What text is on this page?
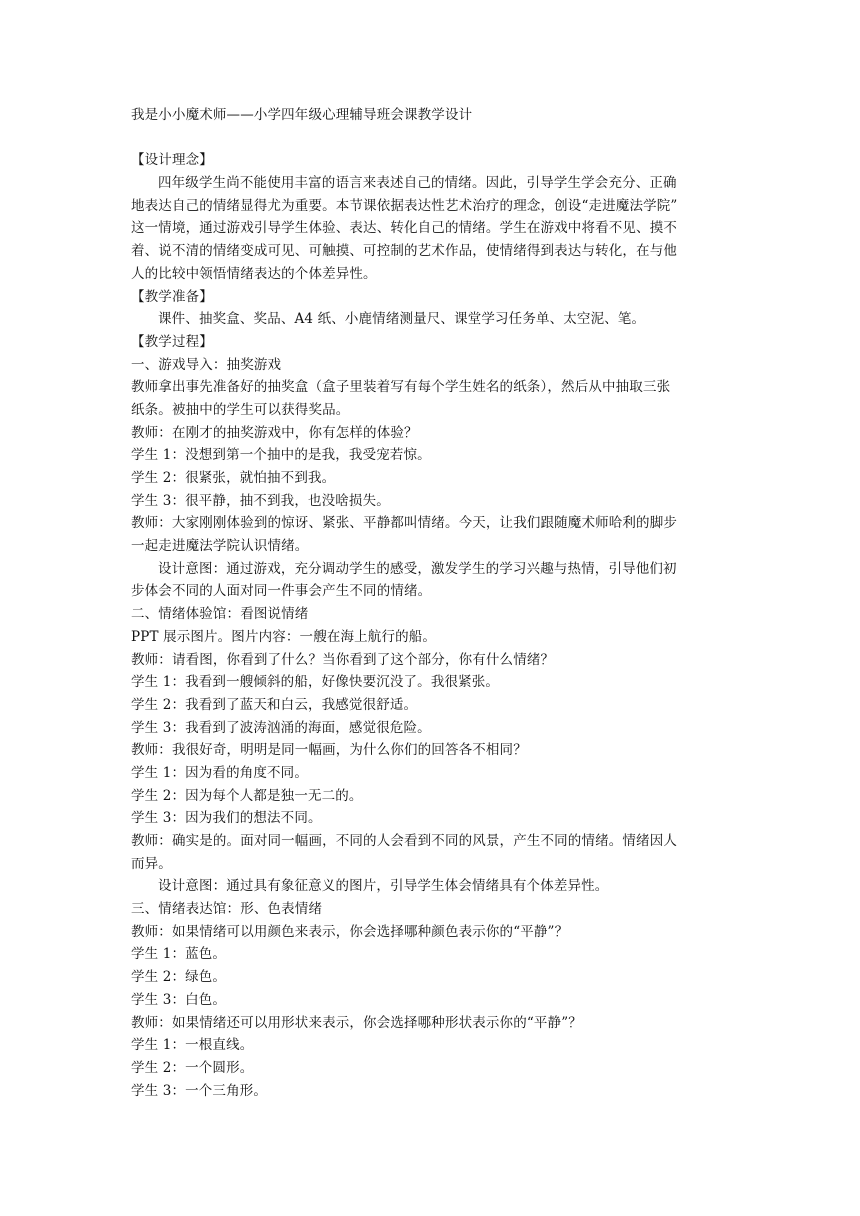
我是小小魔术师——小学四年级心理辅导班会课教学设计
【设计理念】
四年级学生尚不能使用丰富的语言来表述自己的情绪。因此，引导学生学会充分、正确
地表达自己的情绪显得尤为重要。本节课依据表达性艺术治疗的理念，创设“走进魔法学院”
这一情境，通过游戏引导学生体验、表达、转化自己的情绪。学生在游戏中将看不见、摸不
着、说不清的情绪变成可见、可触摸、可控制的艺术作品，使情绪得到表达与转化，在与他
人的比较中领悟情绪表达的个体差异性。
【教学准备】
课件、抽奖盒、奖品、A4 纸、小鹿情绪测量尺、课堂学习任务单、太空泥、笔。
【教学过程】
一、游戏导入：抽奖游戏
教师拿出事先准备好的抽奖盒（盒子里装着写有每个学生姓名的纸条），然后从中抽取三张
纸条。被抽中的学生可以获得奖品。
教师：在刚才的抽奖游戏中，你有怎样的体验？
学生 1：没想到第一个抽中的是我，我受宠若惊。
学生 2：很紧张，就怕抽不到我。
学生 3：很平静，抽不到我，也没啥损失。
教师：大家刚刚体验到的惊讶、紧张、平静都叫情绪。今天，让我们跟随魔术师哈利的脚步
一起走进魔法学院认识情绪。
设计意图：通过游戏，充分调动学生的感受，激发学生的学习兴趣与热情，引导他们初
步体会不同的人面对同一件事会产生不同的情绪。
二、情绪体验馆：看图说情绪
PPT 展示图片。图片内容：一艘在海上航行的船。
教师：请看图，你看到了什么？当你看到了这个部分，你有什么情绪？
学生 1：我看到一艘倾斜的船，好像快要沉没了。我很紧张。
学生 2：我看到了蓝天和白云，我感觉很舒适。
学生 3：我看到了波涛汹涌的海面，感觉很危险。
教师：我很好奇，明明是同一幅画，为什么你们的回答各不相同？
学生 1：因为看的角度不同。
学生 2：因为每个人都是独一无二的。
学生 3：因为我们的想法不同。
教师：确实是的。面对同一幅画，不同的人会看到不同的风景，产生不同的情绪。情绪因人
而异。
设计意图：通过具有象征意义的图片，引导学生体会情绪具有个体差异性。
三、情绪表达馆：形、色表情绪
教师：如果情绪可以用颜色来表示，你会选择哪种颜色表示你的“平静”？
学生 1：蓝色。
学生 2：绿色。
学生 3：白色。
教师：如果情绪还可以用形状来表示，你会选择哪种形状表示你的“平静”？
学生 1：一根直线。
学生 2：一个圆形。
学生 3：一个三角形。
